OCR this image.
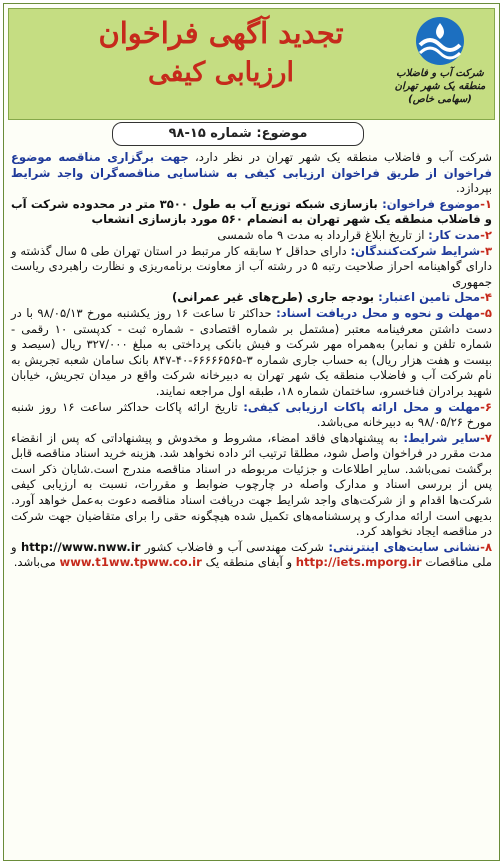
تجدید آگهی فراخوان
ارزیابی کیفی	شرکت آب و فاضلاب
منطقه یک شهر تهران
(سهامی خاص)
موضوع: شماره ۱۵-۹۸

شرکت آب و فاضلاب منطقه یک شهر تهران در نظر دارد، جهت برگزاری مناقصه موضوع فراخوان از طریق فراخوان ارزیابی کیفی به شناسایی مناقصه‌گران واجد شرایط بپردازد.

۱-موضوع فراخوان: بازسازی شبکه توزیع آب به طول ۳۵۰۰ متر در محدوده شرکت آب و فاضلاب منطقه یک شهر تهران به انضمام ۵۶۰ مورد بازسازی انشعاب

۲-مدت کار: از تاریخ ابلاغ قرارداد به مدت ۹ ماه شمسی

۳-شرایط شرکت‌کنندگان: دارای حداقل ۲ سابقه کار مرتبط در استان تهران طی ۵ سال گذشته و دارای گواهینامه احراز صلاحیت رتبه ۵ در رشته آب از معاونت برنامه‌ریزی و نظارت راهبردی ریاست جمهوری

۴-محل تامین اعتبار: بودجه جاری (طرح‌های غیر عمرانی)

۵-مهلت و نحوه و محل دریافت اسناد: حداکثر تا ساعت ۱۶ روز یکشنبه مورخ ۹۸/۰۵/۱۳ با در دست داشتن معرفینامه معتبر (مشتمل بر شماره اقتصادی - شماره ثبت - کدپستی ۱۰ رقمی - شماره تلفن و نمابر) به‌همراه مهر شرکت و فیش بانکی پرداختی به مبلغ ۳۲۷/۰۰۰ ریال (سیصد و بیست و هفت هزار ریال) به حساب جاری شماره ۳-۶۶۶۶۶۵۶۵-۴۰-۸۴۷ بانک سامان شعبه تجریش به نام شرکت آب و فاضلاب منطقه یک شهر تهران به دبیرخانه شرکت واقع در میدان تجریش، خیابان شهید برادران فناخسرو، ساختمان شماره ۱۸، طبقه اول مراجعه نمایند.

۶-مهلت و محل ارائه پاکات ارزیابی کیفی: تاریخ ارائه پاکات حداکثر ساعت ۱۶ روز شنبه مورخ ۹۸/۰۵/۲۶ به دبیرخانه می‌باشد.

۷-سایر شرایط: به پیشنهادهای فاقد امضاء، مشروط و مخدوش و پیشنهاداتی که پس از انقضاء مدت مقرر در فراخوان واصل شود، مطلقا ترتیب اثر داده نخواهد شد. هزینه خرید اسناد مناقصه قابل برگشت نمی‌باشد. سایر اطلاعات و جزئیات مربوطه در اسناد مناقصه مندرج است.شایان ذکر است پس از بررسی اسناد و مدارک واصله در چارچوب ضوابط و مقررات، نسبت به ارزیابی کیفی شرکت‌ها اقدام و از شرکت‌های واجد شرایط جهت دریافت اسناد مناقصه دعوت به‌عمل خواهد آورد. بدیهی است ارائه مدارک و پرسشنامه‌های تکمیل شده هیچگونه حقی را برای متقاضیان جهت شرکت در مناقصه ایجاد نخواهد کرد.

۸-نشانی سایت‌های اینترنتی: شرکت مهندسی آب و فاضلاب کشور http://www.nww.ir و ملی مناقصات http://iets.mporg.ir و آبفای منطقه یک www.t1ww.tpww.co.ir می‌باشد.
